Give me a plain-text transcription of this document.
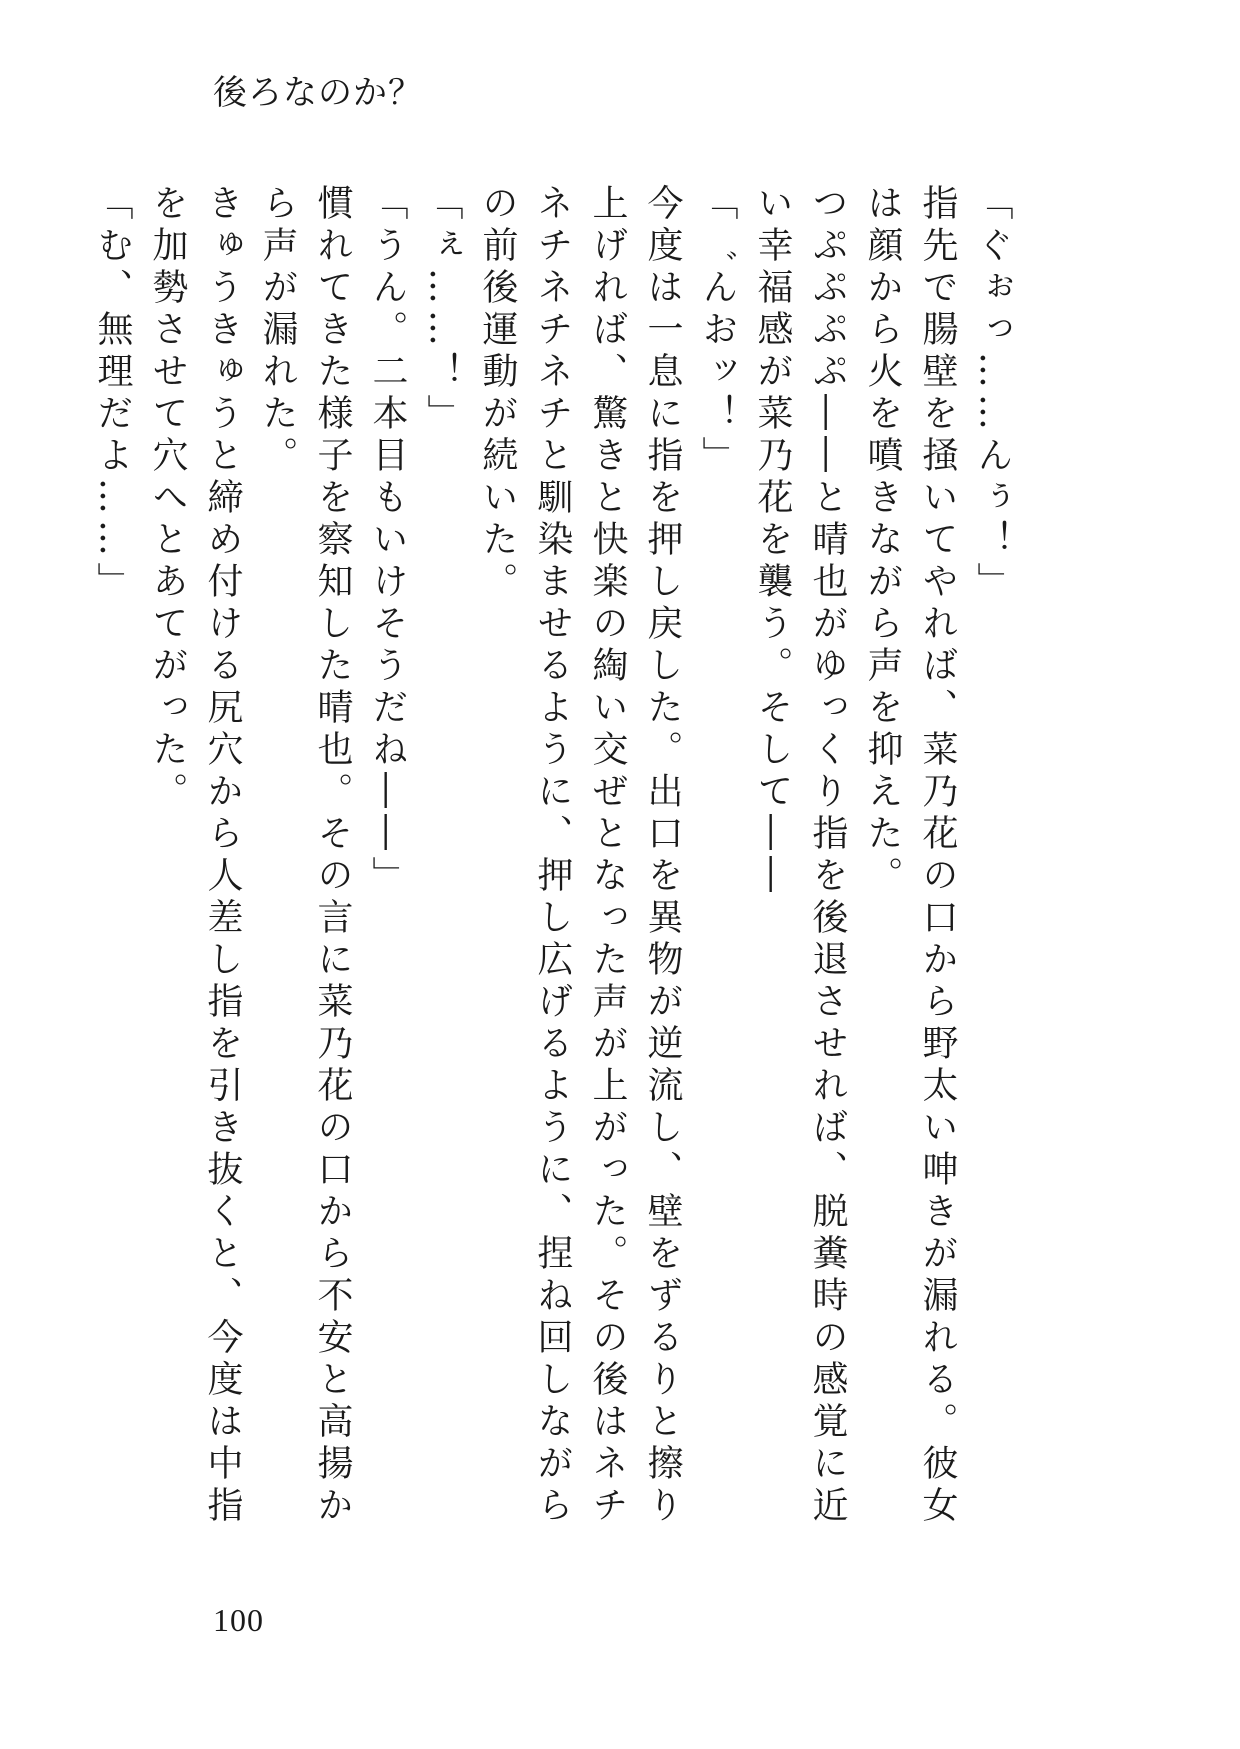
後ろなのか？

「ぐぉっ……んぅ！」

指先で腸壁を掻いてやれば、菜乃花の口から野太い呻きが漏れる。彼女は顔から火を噴きながら声を抑えた。

つぷぷぷぷ――と晴也がゆっくり指を後退させれば、脱糞時の感覚に近い幸福感が菜乃花を襲う。そして――

「゛んおッ！」

今度は一息に指を押し戻した。出口を異物が逆流し、壁をずるりと擦り上げれば、驚きと快楽の綯い交ぜとなった声が上がった。その後はネチネチネチネチと馴染ませるように、押し広げるように、捏ね回しながらの前後運動が続いた。

「ぇ……！」

「うん。二本目もいけそうだね――」

慣れてきた様子を察知した晴也。その言に菜乃花の口から不安と高揚から声が漏れた。

きゅうきゅうと締め付ける尻穴から人差し指を引き抜くと、今度は中指を加勢させて穴へとあてがった。

「む、無理だよ……」

100
